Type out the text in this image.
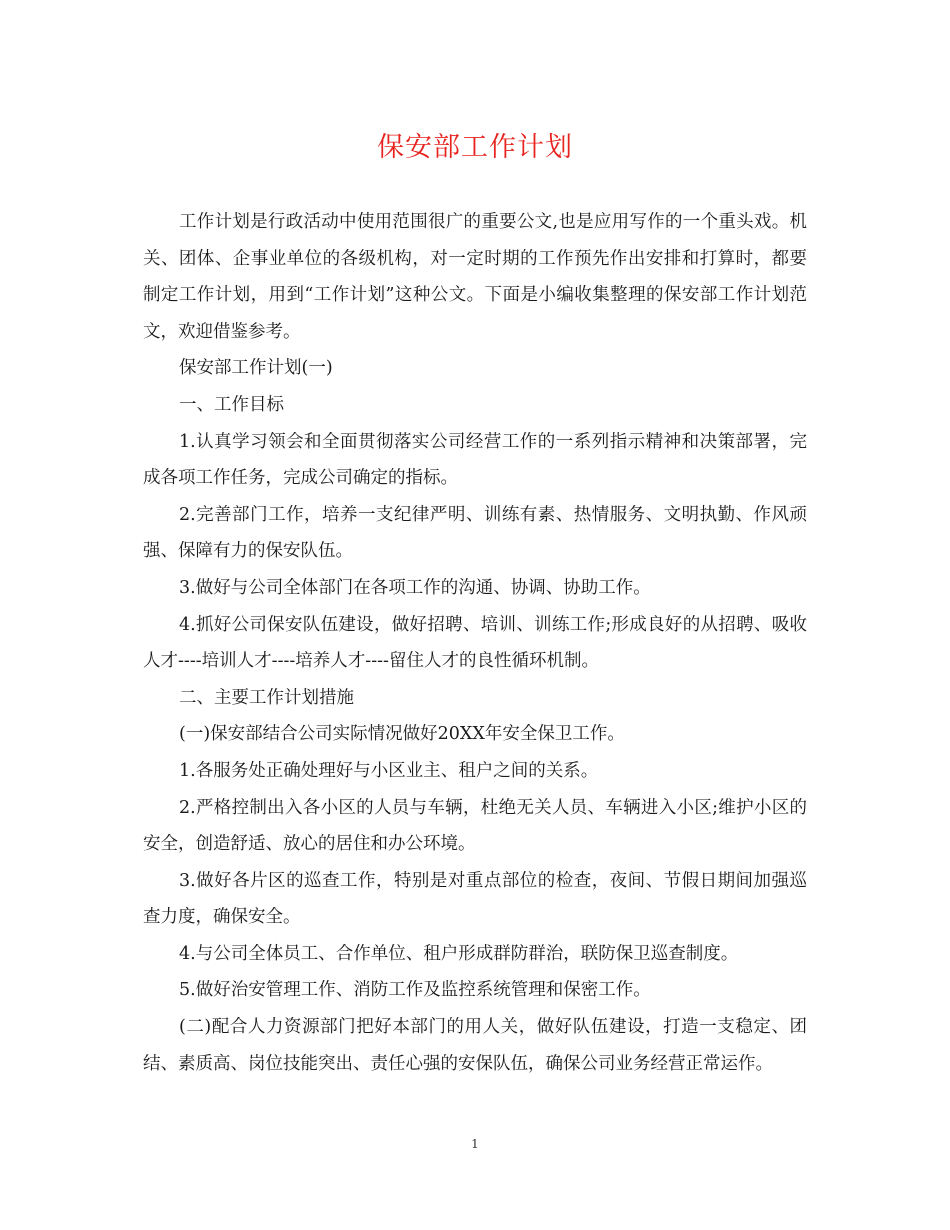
保安部工作计划

工作计划是行政活动中使用范围很广的重要公文,也是应用写作的一个重头戏。机关、团体、企事业单位的各级机构，对一定时期的工作预先作出安排和打算时，都要制定工作计划，用到“工作计划”这种公文。下面是小编收集整理的保安部工作计划范文，欢迎借鉴参考。

保安部工作计划(一)

一、工作目标

1.认真学习领会和全面贯彻落实公司经营工作的一系列指示精神和决策部署，完成各项工作任务，完成公司确定的指标。

2.完善部门工作，培养一支纪律严明、训练有素、热情服务、文明执勤、作风顽强、保障有力的保安队伍。

3.做好与公司全体部门在各项工作的沟通、协调、协助工作。

4.抓好公司保安队伍建设，做好招聘、培训、训练工作;形成良好的从招聘、吸收人才----培训人才----培养人才----留住人才的良性循环机制。

二、主要工作计划措施

(一)保安部结合公司实际情况做好20XX年安全保卫工作。

1.各服务处正确处理好与小区业主、租户之间的关系。

2.严格控制出入各小区的人员与车辆，杜绝无关人员、车辆进入小区;维护小区的安全，创造舒适、放心的居住和办公环境。

3.做好各片区的巡查工作，特别是对重点部位的检查，夜间、节假日期间加强巡查力度，确保安全。

4.与公司全体员工、合作单位、租户形成群防群治，联防保卫巡查制度。

5.做好治安管理工作、消防工作及监控系统管理和保密工作。

(二)配合人力资源部门把好本部门的用人关，做好队伍建设，打造一支稳定、团结、素质高、岗位技能突出、责任心强的安保队伍，确保公司业务经营正常运作。

1
